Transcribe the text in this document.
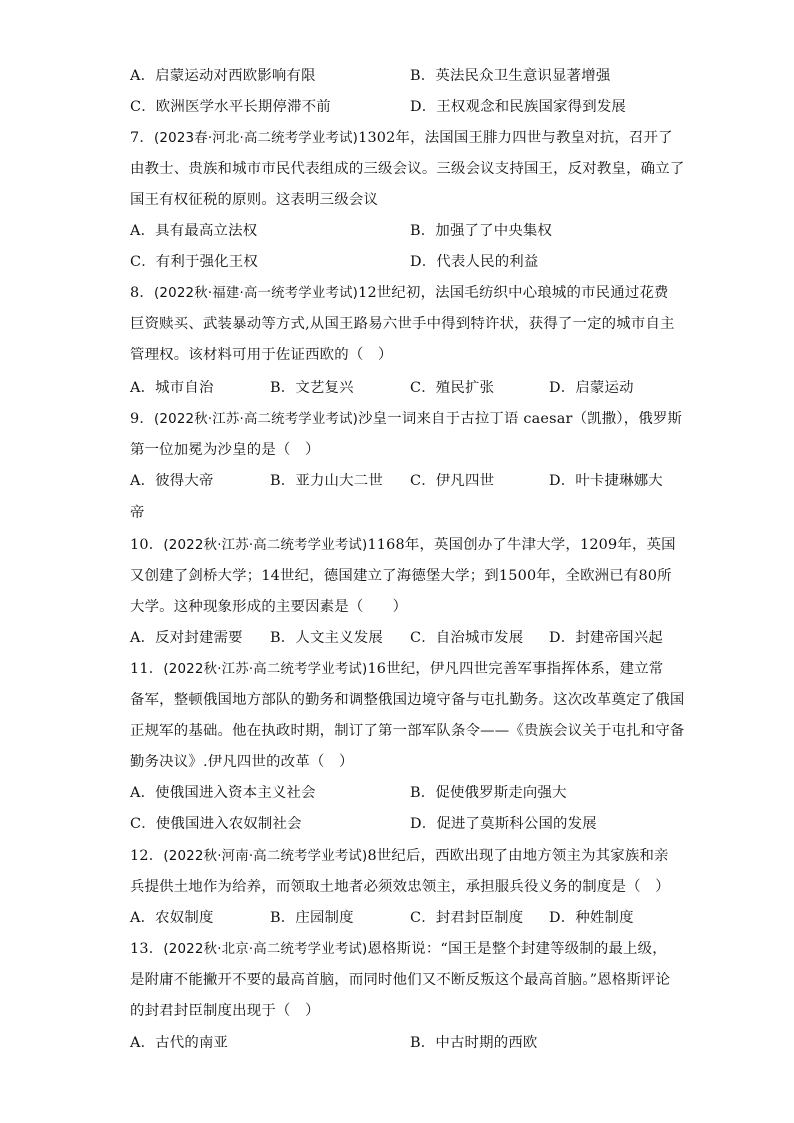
A．启蒙运动对西欧影响有限	B．英法民众卫生意识显著增强
C．欧洲医学水平长期停滞不前	D．王权观念和民族国家得到发展
7．(2023春·河北·高二统考学业考试)1302年，法国国王腓力四世与教皇对抗，召开了
由教士、贵族和城市市民代表组成的三级会议。三级会议支持国王，反对教皇，确立了
国王有权征税的原则。这表明三级会议
A．具有最高立法权	B．加强了了中央集权
C．有利于强化王权	D．代表人民的利益
8．(2022秋·福建·高一统考学业考试)12世纪初，法国毛纺织中心琅城的市民通过花费
巨资赎买、武装暴动等方式,从国王路易六世手中得到特许状，获得了一定的城市自主
管理权。该材料可用于佐证西欧的（　）
A．城市自治	B．文艺复兴	C．殖民扩张	D．启蒙运动
9．(2022秋·江苏·高二统考学业考试)沙皇一词来自于古拉丁语 caesar（凯撒），俄罗斯
第一位加冕为沙皇的是（　）
A．彼得大帝	B．亚力山大二世 C．伊凡四世	D．叶卡捷琳娜大
帝
10．(2022秋·江苏·高二统考学业考试)1168年，英国创办了牛津大学，1209年，英国
又创建了剑桥大学；14世纪，德国建立了海德堡大学；到1500年，全欧洲已有80所
大学。这种现象形成的主要因素是（　　）
A．反对封建需要 B．人文主义发展 C．自治城市发展 D．封建帝国兴起
11．(2022秋·江苏·高二统考学业考试)16世纪，伊凡四世完善军事指挥体系，建立常
备军，整顿俄国地方部队的勤务和调整俄国边境守备与屯扎勤务。这次改革奠定了俄国
正规军的基础。他在执政时期，制订了第一部军队条令——《贵族会议关于屯扎和守备
勤务决议》.伊凡四世的改革（　）
A．使俄国进入资本主义社会	B．促使俄罗斯走向强大
C．使俄国进入农奴制社会	D．促进了莫斯科公国的发展
12．(2022秋·河南·高二统考学业考试)8世纪后，西欧出现了由地方领主为其家族和亲
兵提供土地作为给养，而领取土地者必须效忠领主，承担服兵役义务的制度是（　）
A．农奴制度	B．庄园制度	C．封君封臣制度 D．种姓制度
13．(2022秋·北京·高二统考学业考试)恩格斯说：“国王是整个封建等级制的最上级，
是附庸不能撇开不要的最高首脑，而同时他们又不断反叛这个最高首脑。”恩格斯评论
的封君封臣制度出现于（　）
A．古代的南亚	B．中古时期的西欧
